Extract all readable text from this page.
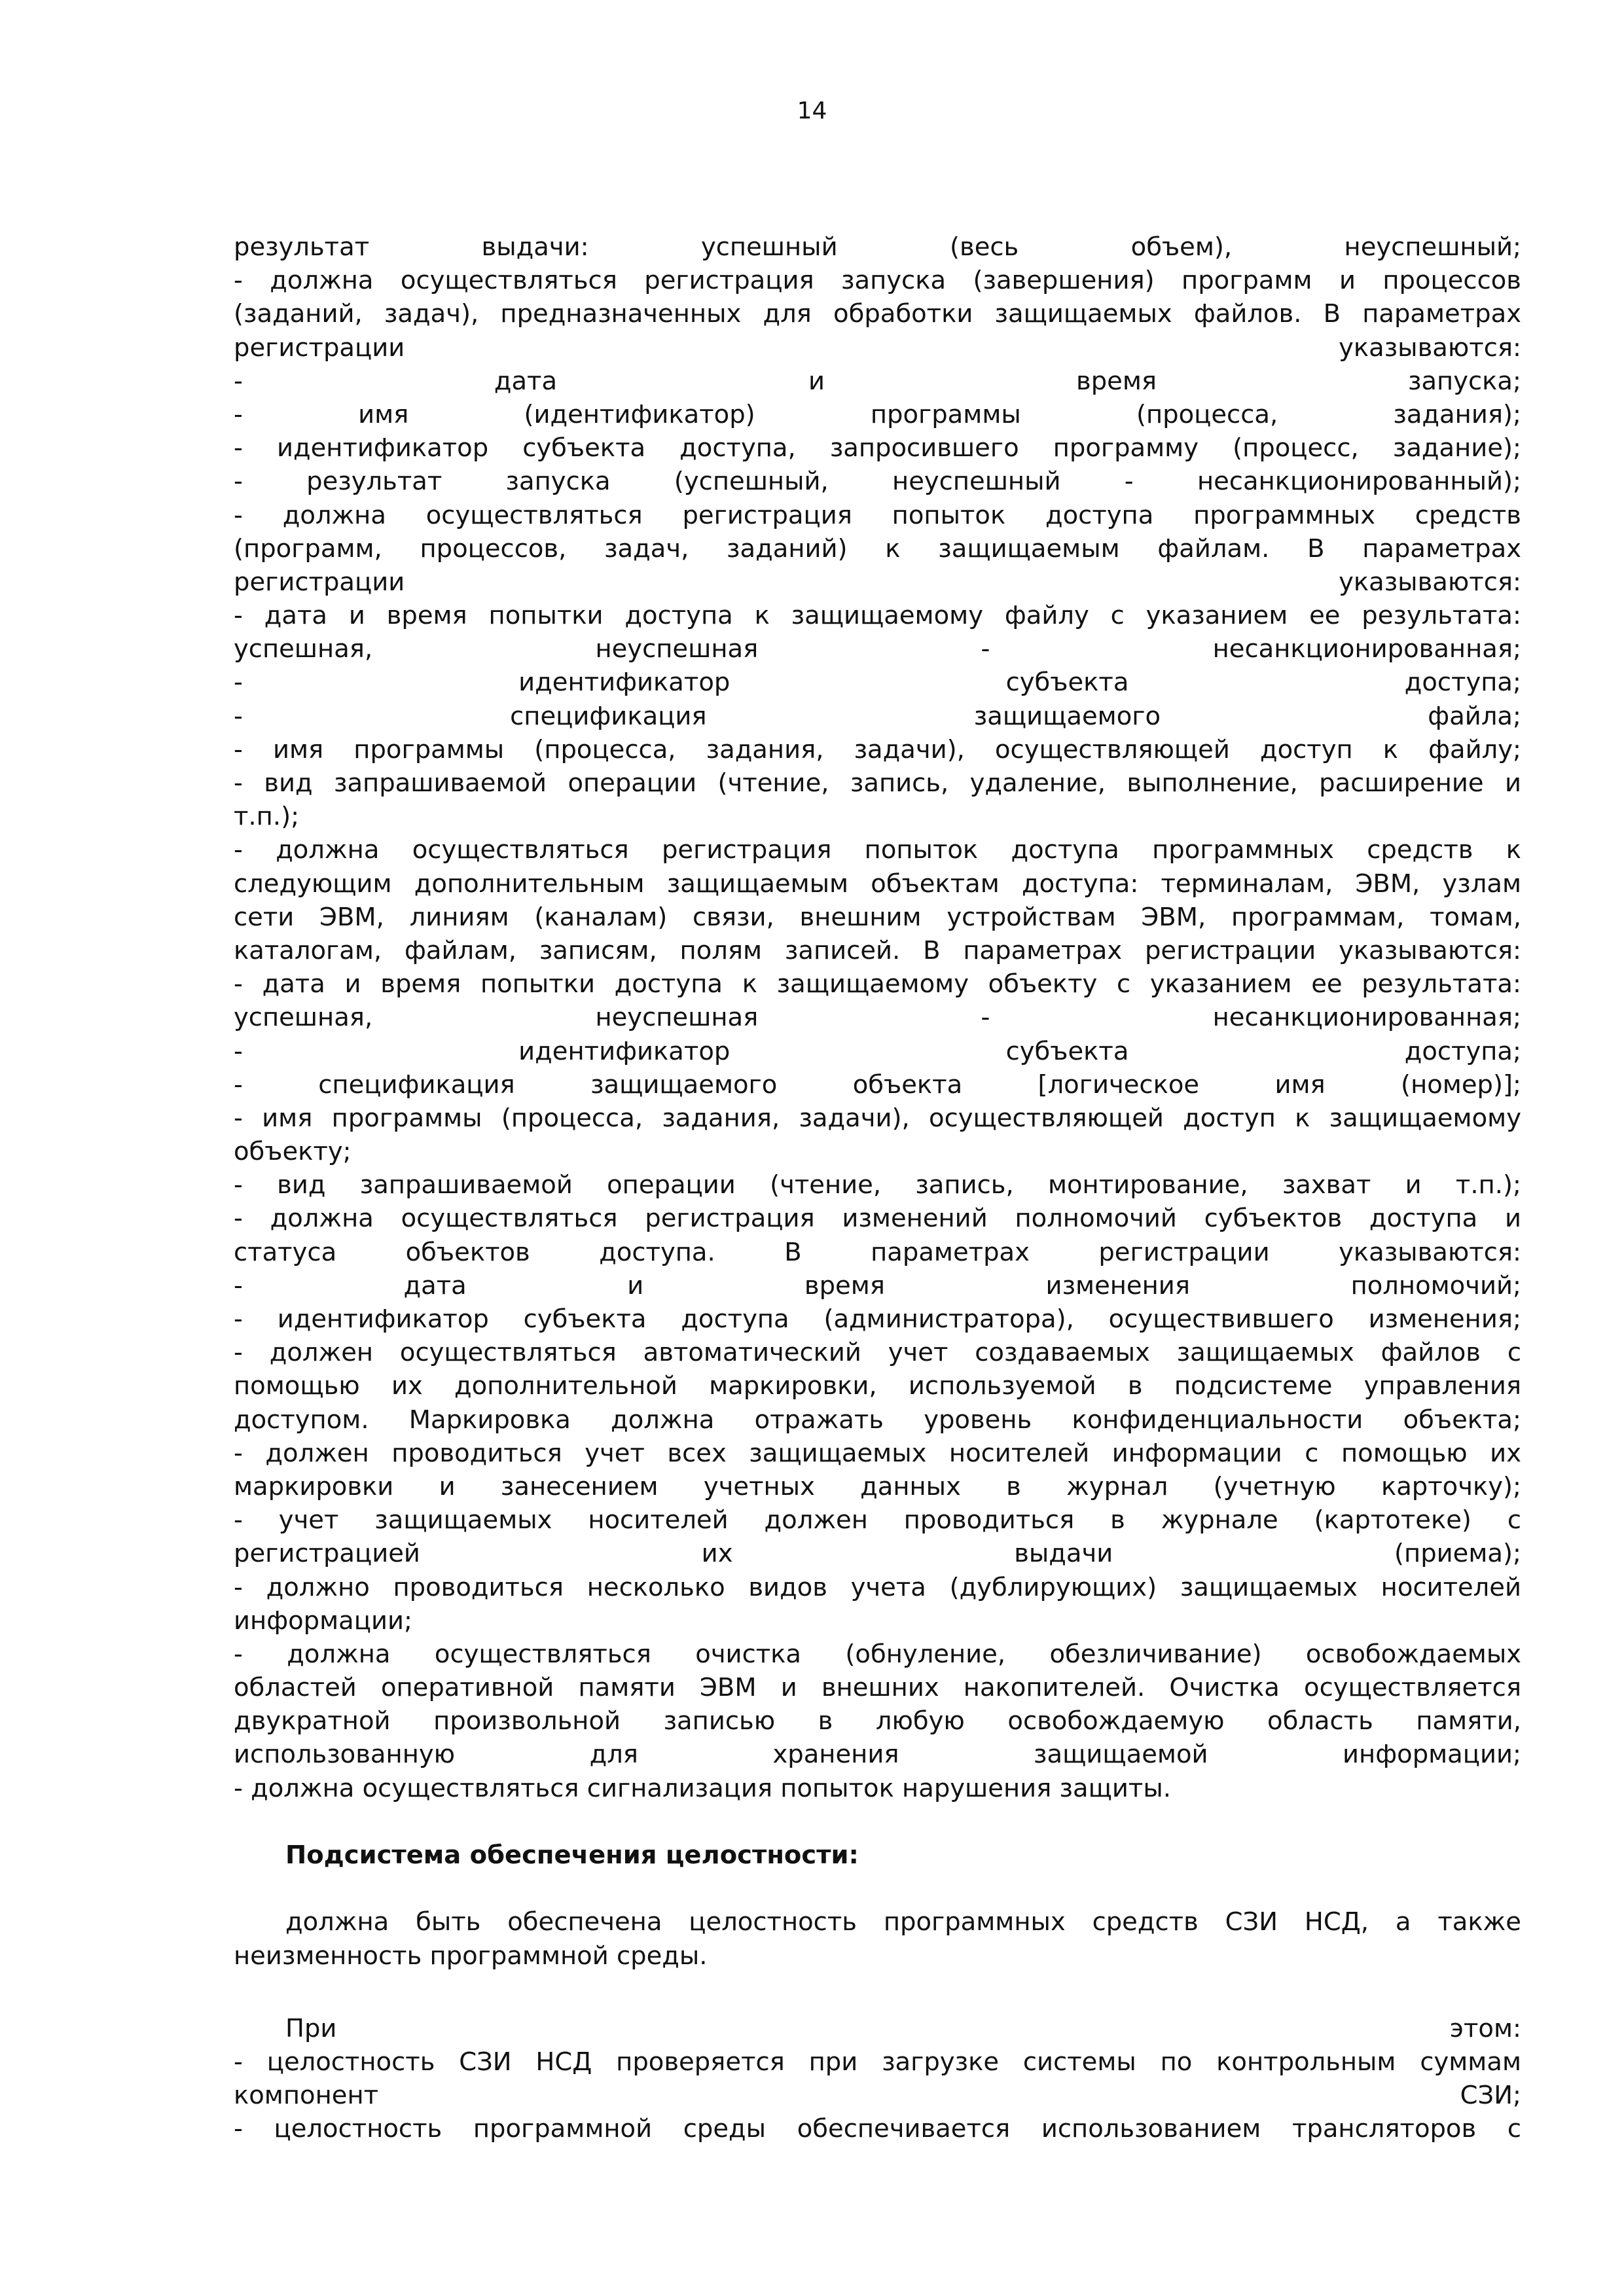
14
результат выдачи: успешный (весь объем), неуспешный;
- должна осуществляться регистрация запуска (завершения) программ и процессов
(заданий, задач), предназначенных для обработки защищаемых файлов. В параметрах
регистрации указываются:
- дата и время запуска;
- имя (идентификатор) программы (процесса, задания);
- идентификатор субъекта доступа, запросившего программу (процесс, задание);
- результат запуска (успешный, неуспешный - несанкционированный);
- должна осуществляться регистрация попыток доступа программных средств
(программ, процессов, задач, заданий) к защищаемым файлам. В параметрах
регистрации указываются:
- дата и время попытки доступа к защищаемому файлу с указанием ее результата:
успешная, неуспешная - несанкционированная;
- идентификатор субъекта доступа;
- спецификация защищаемого файла;
- имя программы (процесса, задания, задачи), осуществляющей доступ к файлу;
- вид запрашиваемой операции (чтение, запись, удаление, выполнение, расширение и
т.п.);
- должна осуществляться регистрация попыток доступа программных средств к
следующим дополнительным защищаемым объектам доступа: терминалам, ЭВМ, узлам
сети ЭВМ, линиям (каналам) связи, внешним устройствам ЭВМ, программам, томам,
каталогам, файлам, записям, полям записей. В параметрах регистрации указываются:
- дата и время попытки доступа к защищаемому объекту с указанием ее результата:
успешная, неуспешная - несанкционированная;
- идентификатор субъекта доступа;
- спецификация защищаемого объекта [логическое имя (номер)];
- имя программы (процесса, задания, задачи), осуществляющей доступ к защищаемому
объекту;
- вид запрашиваемой операции (чтение, запись, монтирование, захват и т.п.);
- должна осуществляться регистрация изменений полномочий субъектов доступа и
статуса объектов доступа. В параметрах регистрации указываются:
- дата и время изменения полномочий;
- идентификатор субъекта доступа (администратора), осуществившего изменения;
- должен осуществляться автоматический учет создаваемых защищаемых файлов с
помощью их дополнительной маркировки, используемой в подсистеме управления
доступом. Маркировка должна отражать уровень конфиденциальности объекта;
- должен проводиться учет всех защищаемых носителей информации с помощью их
маркировки и занесением учетных данных в журнал (учетную карточку);
- учет защищаемых носителей должен проводиться в журнале (картотеке) с
регистрацией их выдачи (приема);
- должно проводиться несколько видов учета (дублирующих) защищаемых носителей
информации;
- должна осуществляться очистка (обнуление, обезличивание) освобождаемых
областей оперативной памяти ЭВМ и внешних накопителей. Очистка осуществляется
двукратной произвольной записью в любую освобождаемую область памяти,
использованную для хранения защищаемой информации;
- должна осуществляться сигнализация попыток нарушения защиты.
Подсистема обеспечения целостности:
должна быть обеспечена целостность программных средств СЗИ НСД, а также
неизменность программной среды.
При этом:
- целостность СЗИ НСД проверяется при загрузке системы по контрольным суммам
компонент СЗИ;
- целостность программной среды обеспечивается использованием трансляторов с
